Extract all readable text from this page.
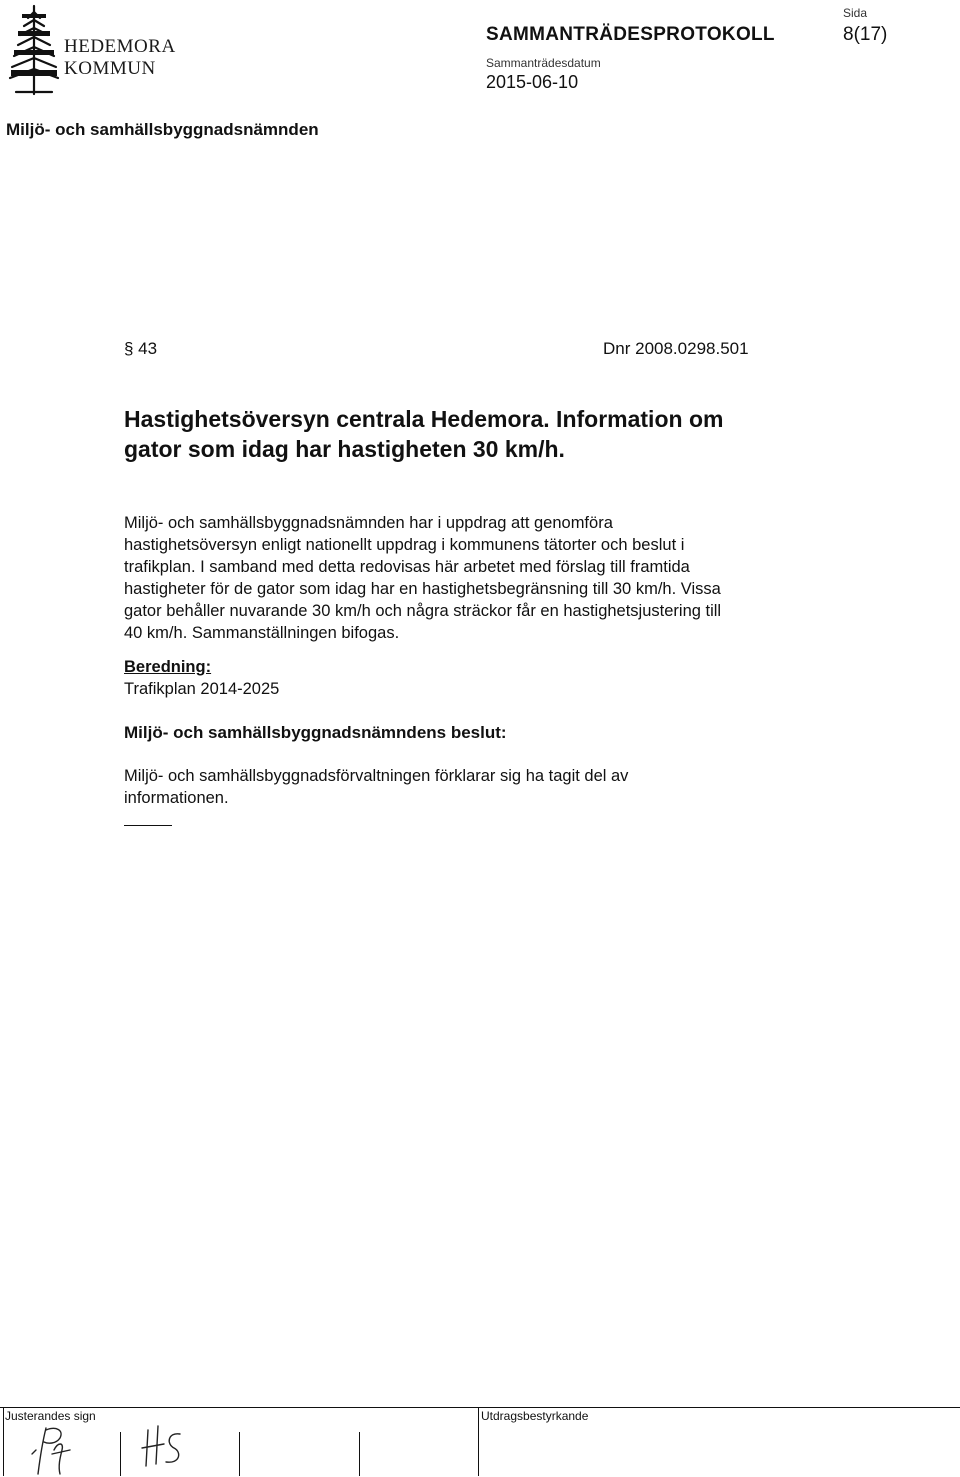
HEDEMORA
KOMMUN
SAMMANTRÄDESPROTOKOLL
Sammanträdesdatum
2015-06-10
Sida
8(17)
Miljö- och samhällsbyggnadsnämnden
§ 43	Dnr 2008.0298.501
Hastighetsöversyn centrala Hedemora. Information om
gator som idag har hastigheten 30 km/h.
Miljö- och samhällsbyggnadsnämnden har i uppdrag att genomföra
hastighetsöversyn enligt nationellt uppdrag i kommunens tätorter och beslut i
trafikplan. I samband med detta redovisas här arbetet med förslag till framtida
hastigheter för de gator som idag har en hastighetsbegränsning till 30 km/h. Vissa
gator behåller nuvarande 30 km/h och några sträckor får en hastighetsjustering till
40 km/h. Sammanställningen bifogas.
Beredning:
Trafikplan 2014-2025
Miljö- och samhällsbyggnadsnämndens beslut:
Miljö- och samhällsbyggnadsförvaltningen förklarar sig ha tagit del av
informationen.
Justerandes sign	Utdragsbestyrkande
